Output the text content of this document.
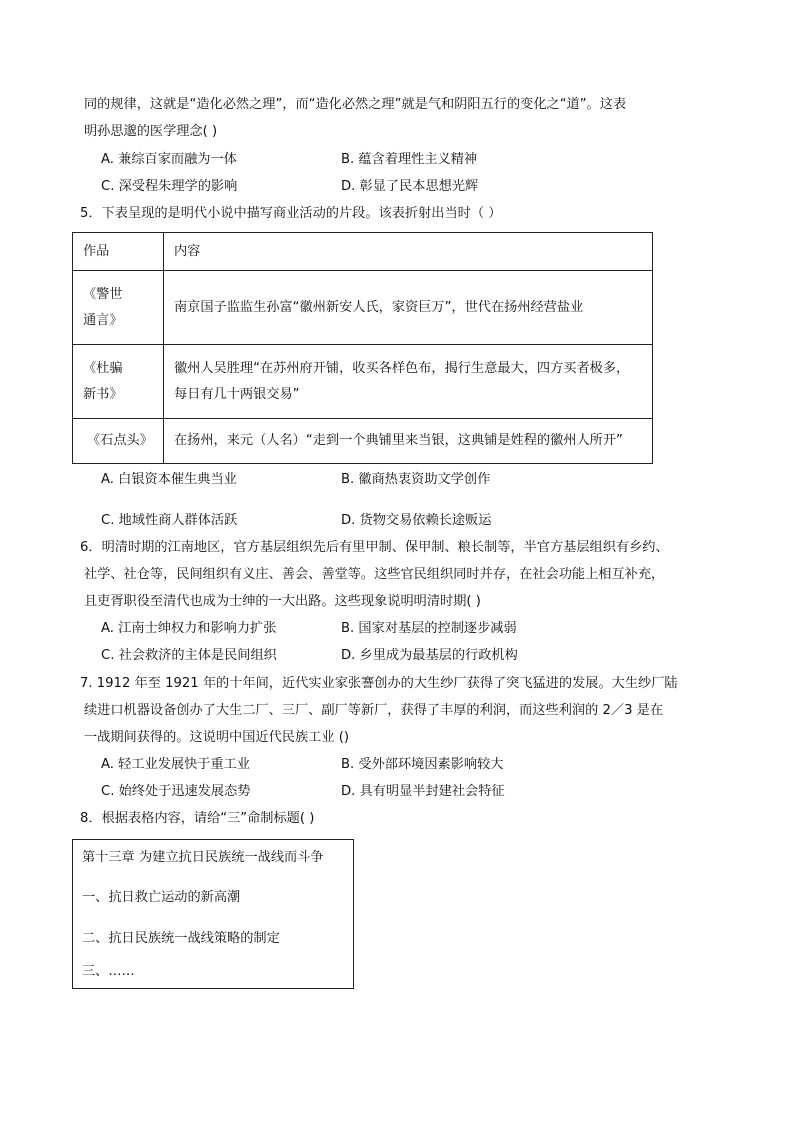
同的规律，这就是“造化必然之理”，而“造化必然之理”就是气和阴阳五行的变化之“道”。这表
明孙思邈的医学理念( )
A. 兼综百家而融为一体	B. 蕴含着理性主义精神
C. 深受程朱理学的影响	D. 彰显了民本思想光辉
5．下表呈现的是明代小说中描写商业活动的片段。该表折射出当时（ ）
作品	内容
《警世
通言》	南京国子监监生孙富“徽州新安人氏，家资巨万”，世代在扬州经营盐业
《杜骗
新书》	徽州人吴胜理“在苏州府开铺，收买各样色布，揭行生意最大，四方买者极多，
每日有几十两银交易”
《石点头》	在扬州，来元（人名）“走到一个典铺里来当银，这典铺是姓程的徽州人所开”
A. 白银资本催生典当业	B. 徽商热衷资助文学创作
C. 地域性商人群体活跃	D. 货物交易依赖长途贩运
6．明清时期的江南地区，官方基层组织先后有里甲制、保甲制、粮长制等，半官方基层组织有乡约、
社学、社仓等，民间组织有义庄、善会、善堂等。这些官民组织同时并存，在社会功能上相互补充，
且吏胥职役至清代也成为士绅的一大出路。这些现象说明明清时期( )
A. 江南士绅权力和影响力扩张	B. 国家对基层的控制逐步减弱
C. 社会救济的主体是民间组织	D. 乡里成为最基层的行政机构
7. 1912 年至 1921 年的十年间，近代实业家张謇创办的大生纱厂获得了突飞猛进的发展。大生纱厂陆
续进口机器设备创办了大生二厂、三厂、副厂等新厂，获得了丰厚的利润，而这些利润的 2／3 是在
一战期间获得的。这说明中国近代民族工业 ()
A. 轻工业发展快于重工业	B. 受外部环境因素影响较大
C. 始终处于迅速发展态势	D. 具有明显半封建社会特征
8．根据表格内容，请给“三”命制标题( )
第十三章 为建立抗日民族统一战线而斗争
一、抗日救亡运动的新高潮
二、抗日民族统一战线策略的制定
三、……
